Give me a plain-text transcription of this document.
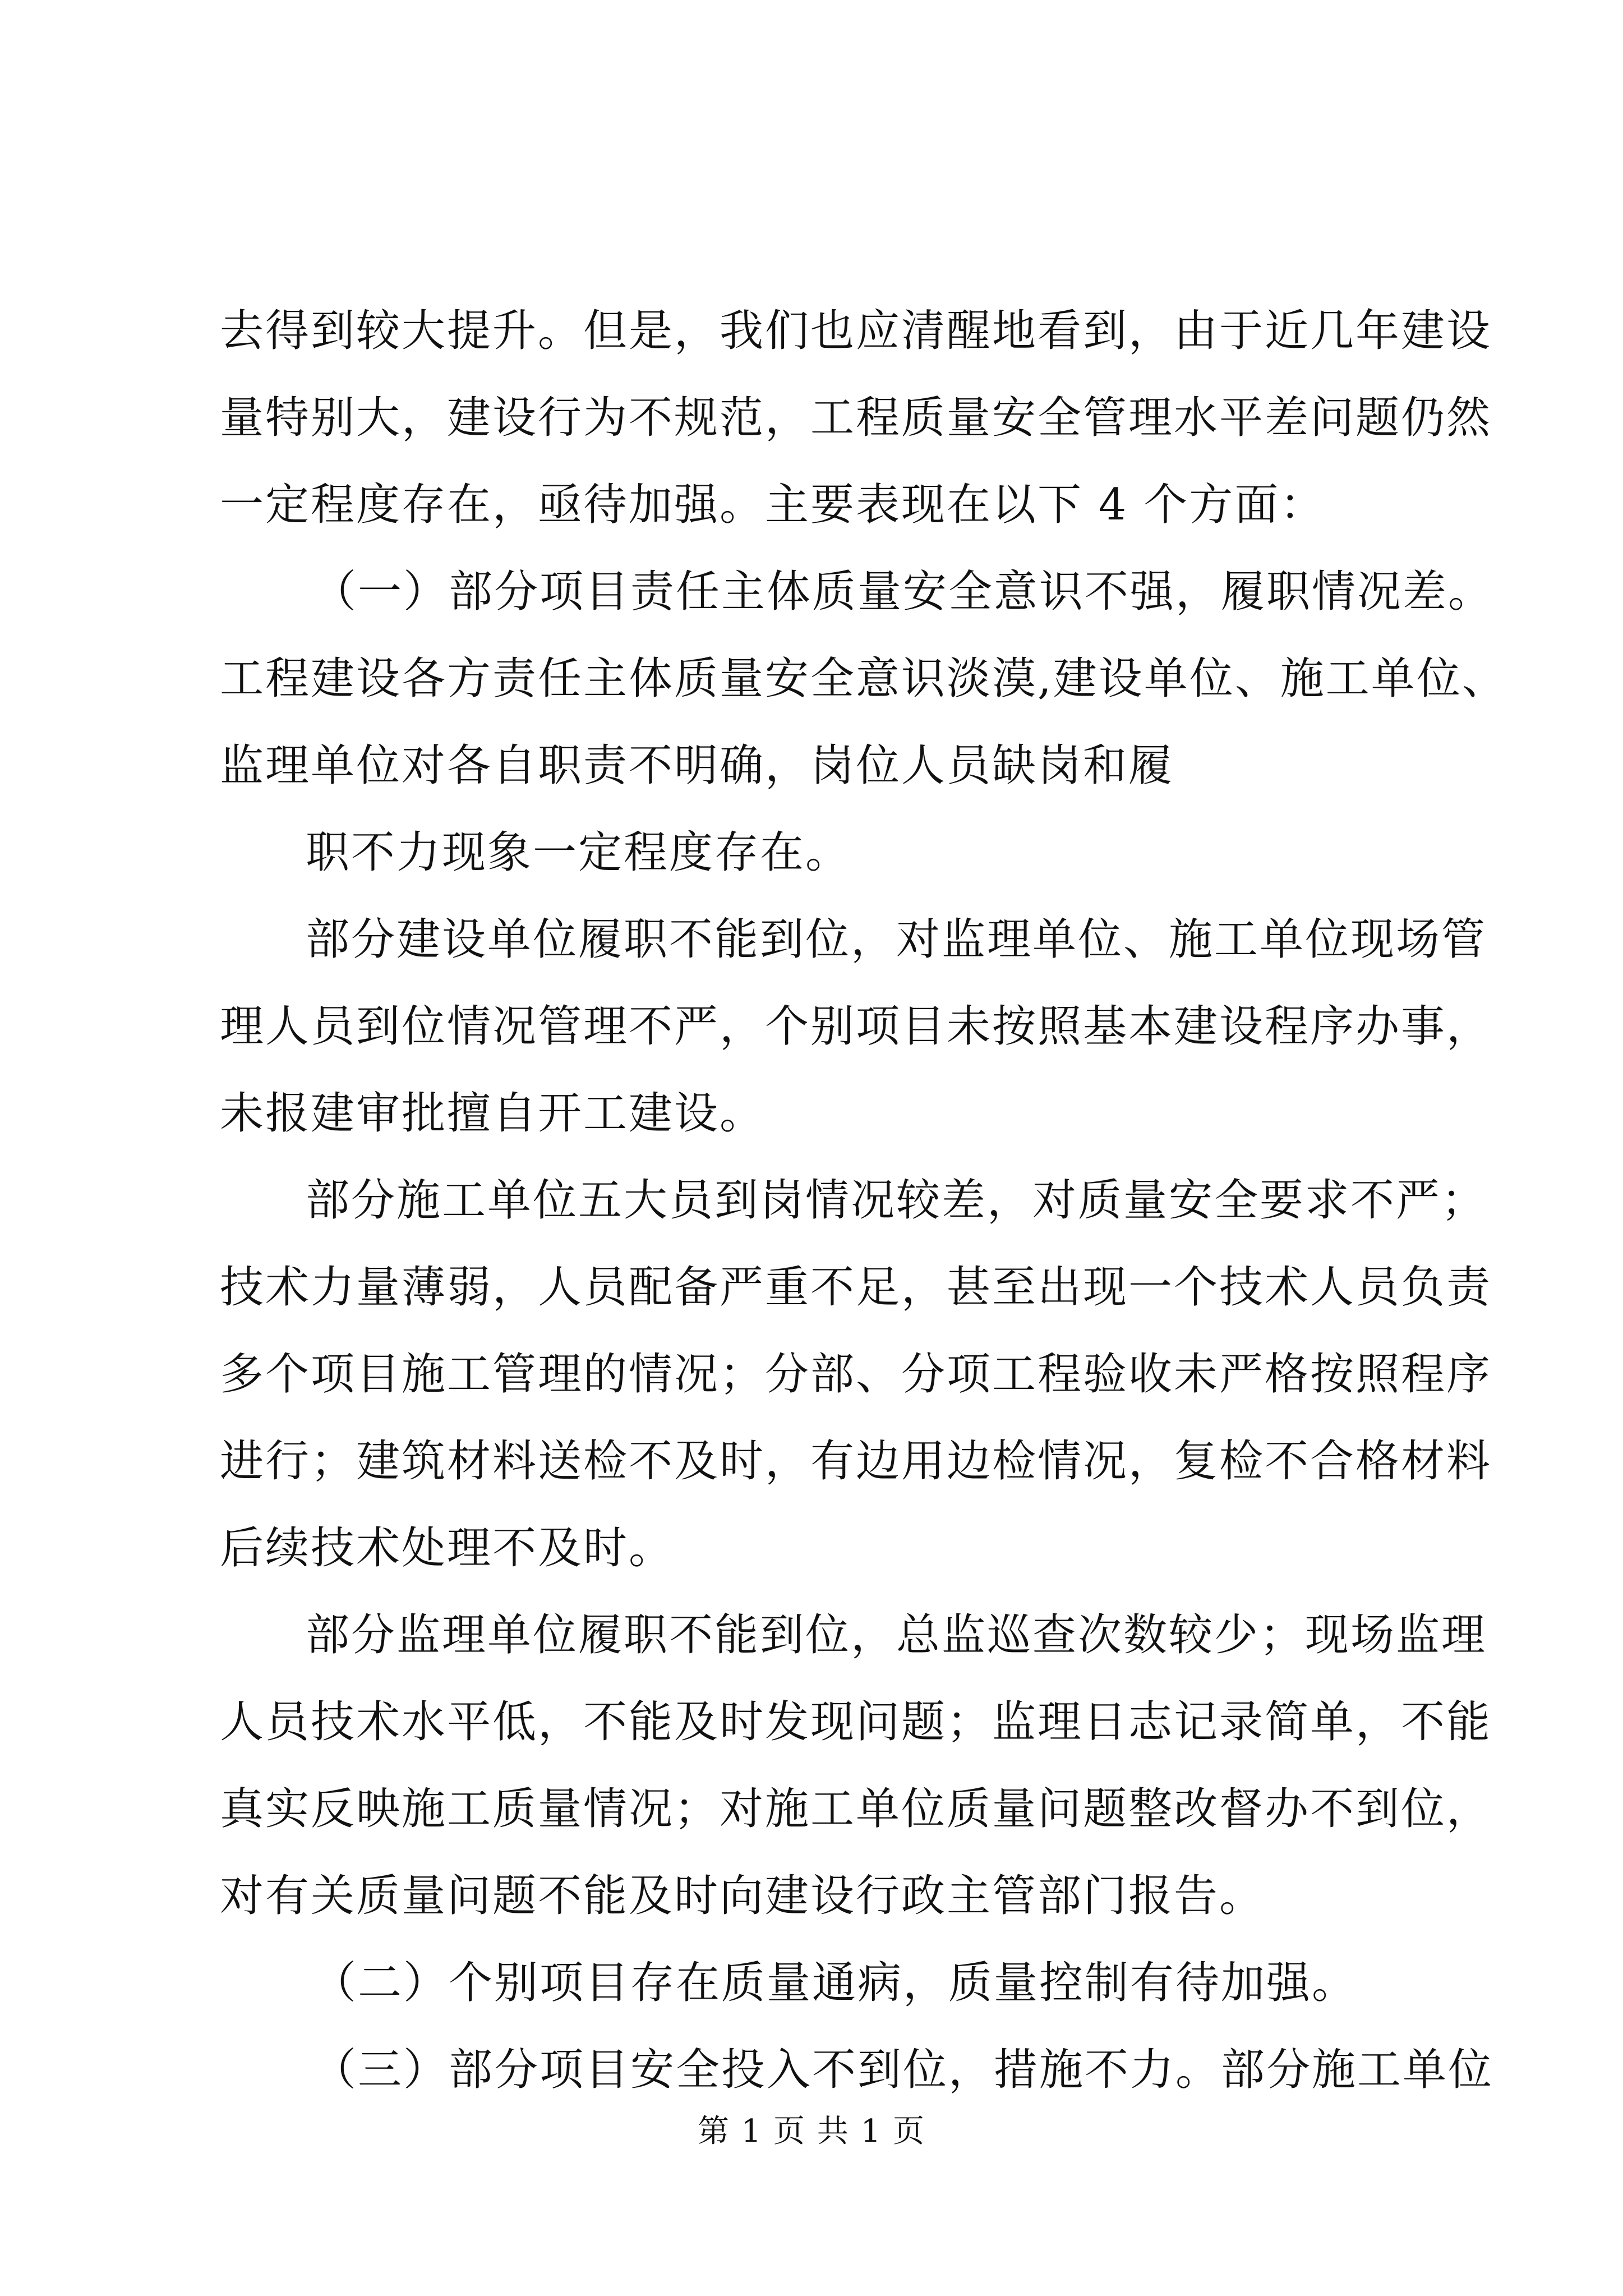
去得到较大提升。但是，我们也应清醒地看到，由于近几年建设
量特别大，建设行为不规范，工程质量安全管理水平差问题仍然
一定程度存在，亟待加强。主要表现在以下 4 个方面：
（一）部分项目责任主体质量安全意识不强，履职情况差。
工程建设各方责任主体质量安全意识淡漠,建设单位、施工单位、
监理单位对各自职责不明确，岗位人员缺岗和履
职不力现象一定程度存在。
部分建设单位履职不能到位，对监理单位、施工单位现场管
理人员到位情况管理不严，个别项目未按照基本建设程序办事，
未报建审批擅自开工建设。
部分施工单位五大员到岗情况较差，对质量安全要求不严；
技术力量薄弱，人员配备严重不足，甚至出现一个技术人员负责
多个项目施工管理的情况；分部、分项工程验收未严格按照程序
进行；建筑材料送检不及时，有边用边检情况，复检不合格材料
后续技术处理不及时。
部分监理单位履职不能到位，总监巡查次数较少；现场监理
人员技术水平低，不能及时发现问题；监理日志记录简单，不能
真实反映施工质量情况；对施工单位质量问题整改督办不到位，
对有关质量问题不能及时向建设行政主管部门报告。
（二）个别项目存在质量通病，质量控制有待加强。
（三）部分项目安全投入不到位，措施不力。部分施工单位
第 1 页 共 1 页
